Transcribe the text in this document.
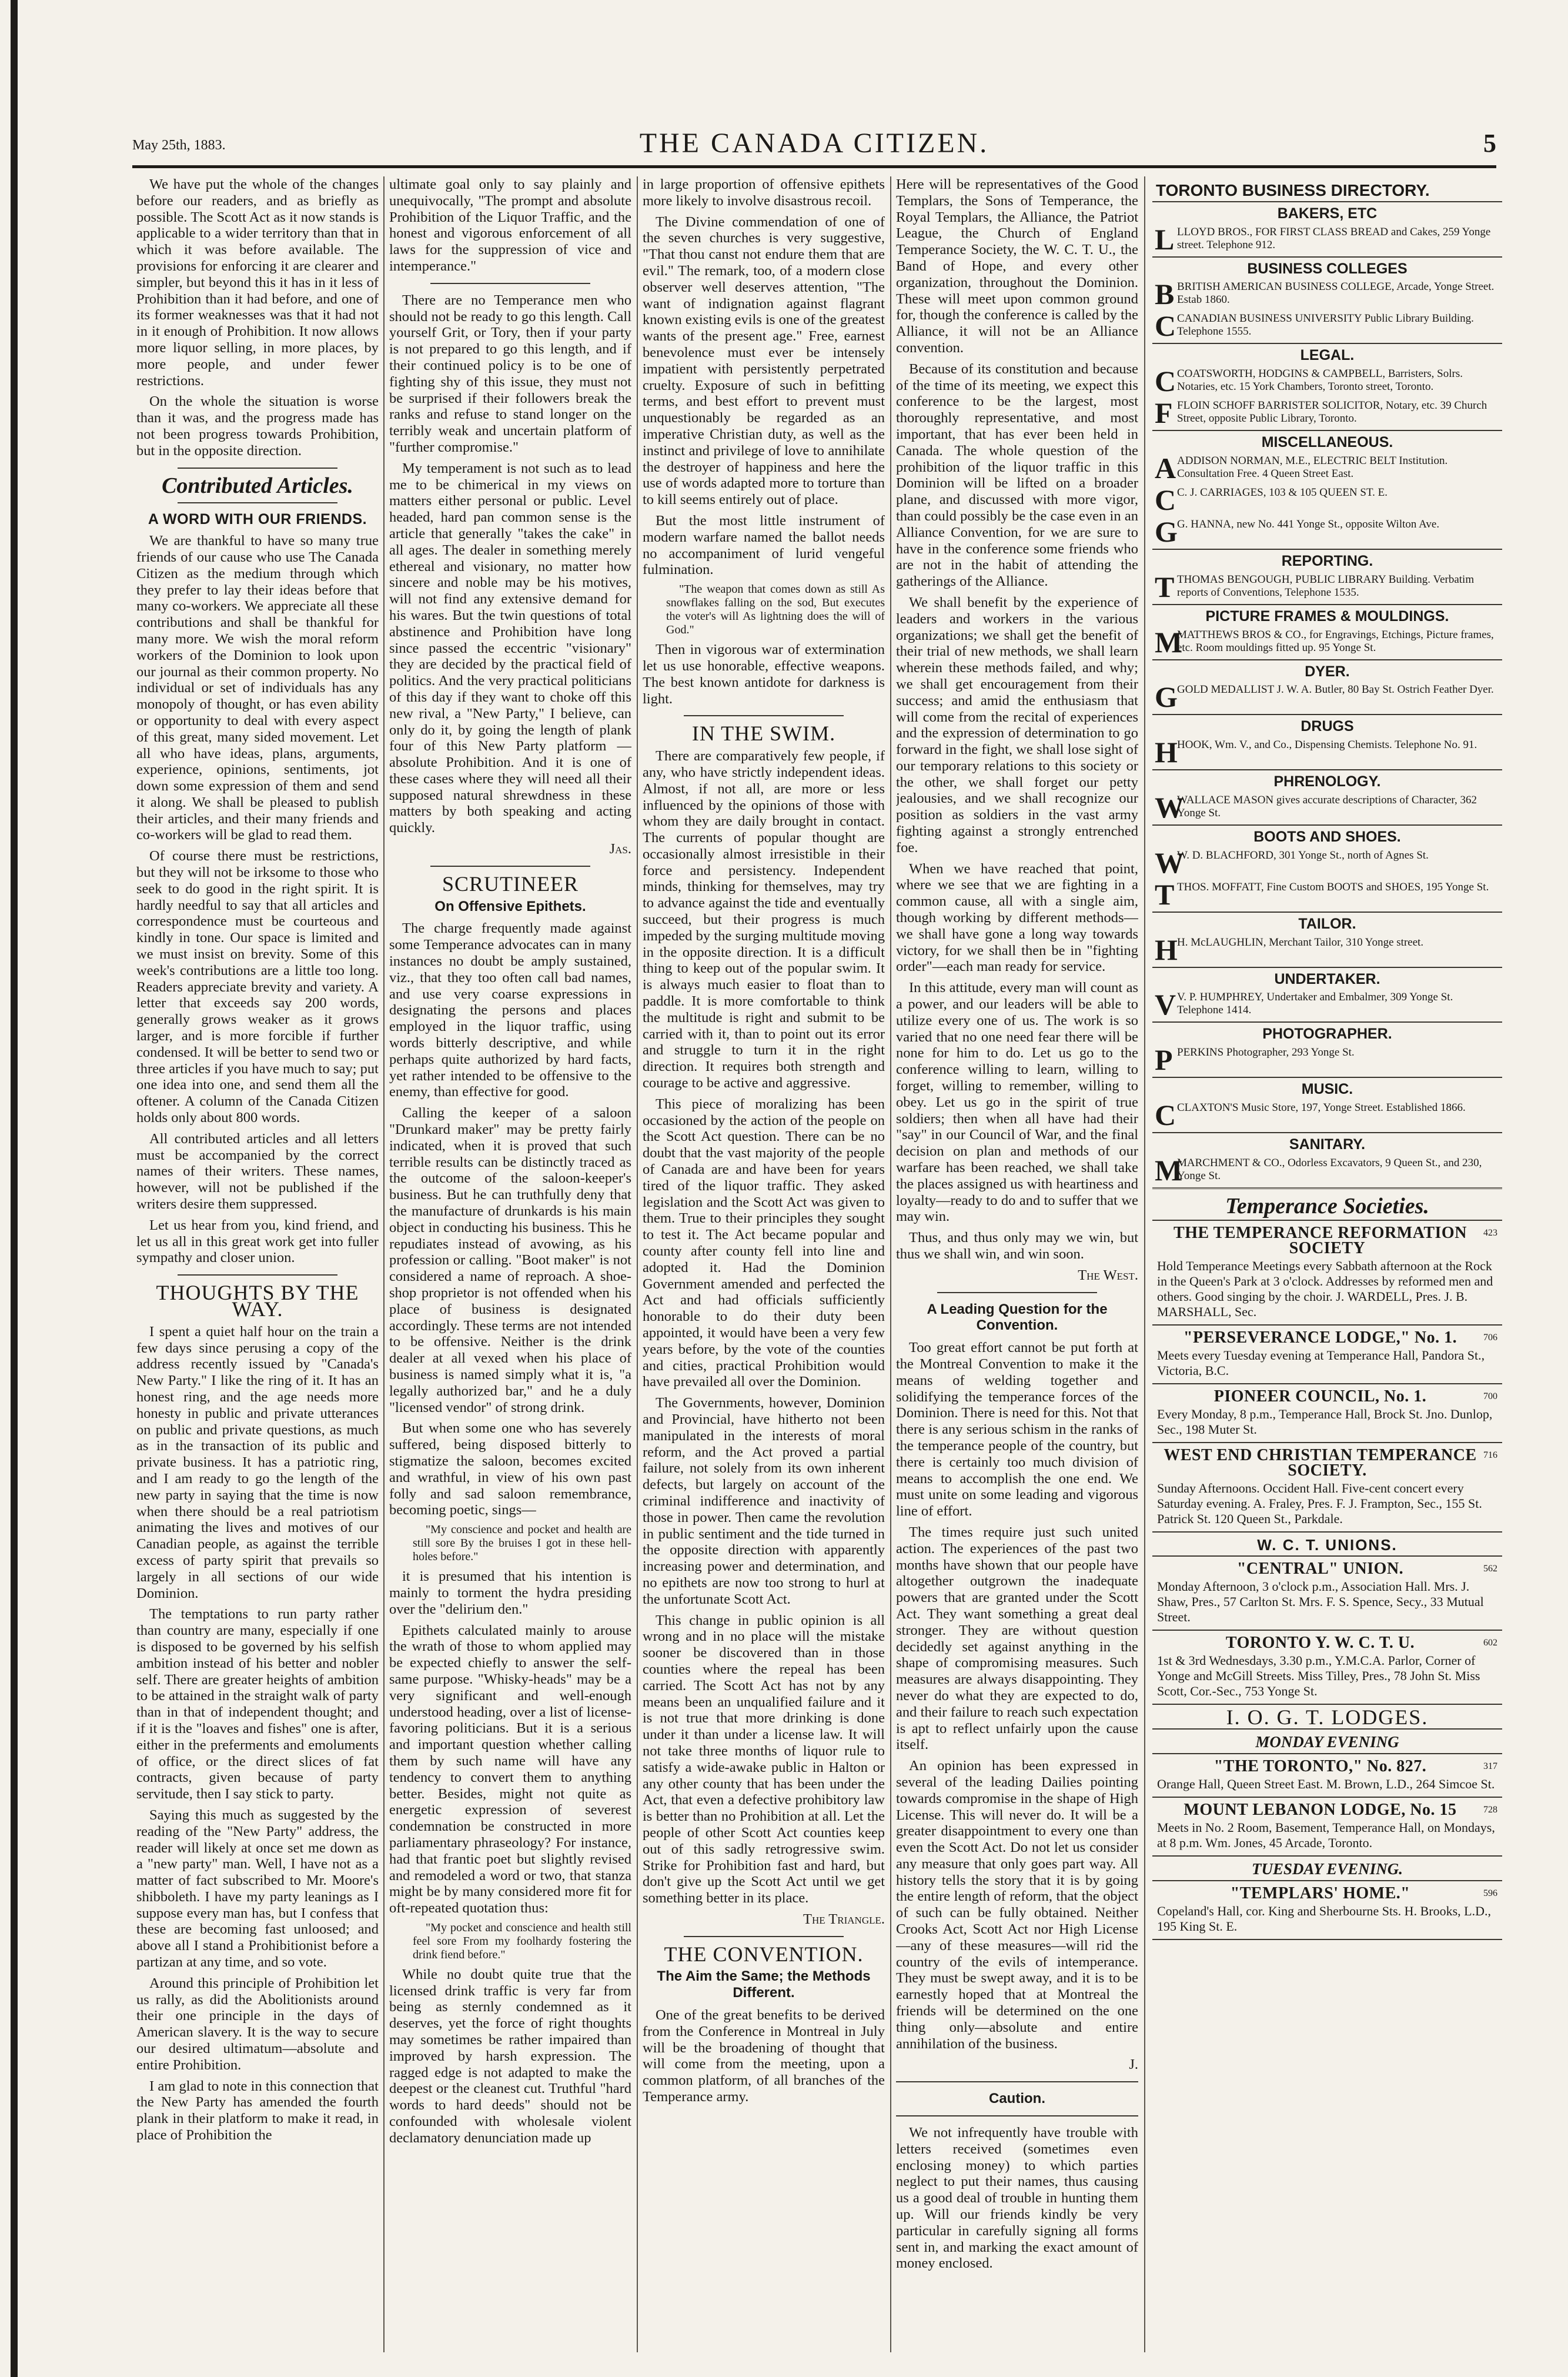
May 25th, 1883.	THE CANADA CITIZEN.	5

We have put the whole of the changes before our readers, and as briefly as possible. The Scott Act as it now stands is applicable to a wider territory than that in which it was before available. The provisions for enforcing it are clearer and simpler, but beyond this it has in it less of Prohibition than it had before, and one of its former weaknesses was that it had not in it enough of Prohibition. It now allows more liquor selling, in more places, by more people, and under fewer restrictions.

On the whole the situation is worse than it was, and the progress made has not been progress towards Prohibition, but in the opposite direction.

Contributed Articles.
A WORD WITH OUR FRIENDS.

We are thankful to have so many true friends of our cause who use The Canada Citizen as the medium through which they prefer to lay their ideas before that many co-workers. We appreciate all these contributions and shall be thankful for many more. We wish the moral reform workers of the Dominion to look upon our journal as their common property. No individual or set of individuals has any monopoly of thought, or has even ability or opportunity to deal with every aspect of this great, many sided movement. Let all who have ideas, plans, arguments, experience, opinions, sentiments, jot down some expression of them and send it along. We shall be pleased to publish their articles, and their many friends and co-workers will be glad to read them.

Of course there must be restrictions, but they will not be irksome to those who seek to do good in the right spirit. It is hardly needful to say that all articles and correspondence must be courteous and kindly in tone. Our space is limited and we must insist on brevity. Some of this week's contributions are a little too long. Readers appreciate brevity and variety. A letter that exceeds say 200 words, generally grows weaker as it grows larger, and is more forcible if further condensed. It will be better to send two or three articles if you have much to say; put one idea into one, and send them all the oftener. A column of the Canada Citizen holds only about 800 words.

All contributed articles and all letters must be accompanied by the correct names of their writers. These names, however, will not be published if the writers desire them suppressed.

Let us hear from you, kind friend, and let us all in this great work get into fuller sympathy and closer union.

THOUGHTS BY THE WAY.

I spent a quiet half hour on the train a few days since perusing a copy of the address recently issued by "Canada's New Party." I like the ring of it. It has an honest ring, and the age needs more honesty in public and private utterances on public and private questions, as much as in the transaction of its public and private business. It has a patriotic ring, and I am ready to go the length of the new party in saying that the time is now when there should be a real patriotism animating the lives and motives of our Canadian people, as against the terrible excess of party spirit that prevails so largely in all sections of our wide Dominion.

The temptations to run party rather than country are many, especially if one is disposed to be governed by his selfish ambition instead of his better and nobler self. There are greater heights of ambition to be attained in the straight walk of party than in that of independent thought; and if it is the "loaves and fishes" one is after, either in the preferments and emoluments of office, or the direct slices of fat contracts, given because of party servitude, then I say stick to party.

Saying this much as suggested by the reading of the "New Party" address, the reader will likely at once set me down as a "new party" man. Well, I have not as a matter of fact subscribed to Mr. Moore's shibboleth. I have my party leanings as I suppose every man has, but I confess that these are becoming fast unloosed; and above all I stand a Prohibitionist before a partizan at any time, and so vote.

Around this principle of Prohibition let us rally, as did the Abolitionists around their one principle in the days of American slavery. It is the way to secure our desired ultimatum—absolute and entire Prohibition.

I am glad to note in this connection that the New Party has amended the fourth plank in their platform to make it read, in place of Prohibition the

ultimate goal only to say plainly and unequivocally, "The prompt and absolute Prohibition of the Liquor Traffic, and the honest and vigorous enforcement of all laws for the suppression of vice and intemperance."

There are no Temperance men who should not be ready to go this length. Call yourself Grit, or Tory, then if your party is not prepared to go this length, and if their continued policy is to be one of fighting shy of this issue, they must not be surprised if their followers break the ranks and refuse to stand longer on the terribly weak and uncertain platform of "further compromise."

My temperament is not such as to lead me to be chimerical in my views on matters either personal or public. Level headed, hard pan common sense is the article that generally "takes the cake" in all ages. The dealer in something merely ethereal and visionary, no matter how sincere and noble may be his motives, will not find any extensive demand for his wares. But the twin questions of total abstinence and Prohibition have long since passed the eccentric "visionary" they are decided by the practical field of politics. And the very practical politicians of this day if they want to choke off this new rival, a "New Party," I believe, can only do it, by going the length of plank four of this New Party platform — absolute Prohibition. And it is one of these cases where they will need all their supposed natural shrewdness in these matters by both speaking and acting quickly.

Jas.
SCRUTINEER
On Offensive Epithets.

The charge frequently made against some Temperance advocates can in many instances no doubt be amply sustained, viz., that they too often call bad names, and use very coarse expressions in designating the persons and places employed in the liquor traffic, using words bitterly descriptive, and while perhaps quite authorized by hard facts, yet rather intended to be offensive to the enemy, than effective for good.

Calling the keeper of a saloon "Drunkard maker" may be pretty fairly indicated, when it is proved that such terrible results can be distinctly traced as the outcome of the saloon-keeper's business. But he can truthfully deny that the manufacture of drunkards is his main object in conducting his business. This he repudiates instead of avowing, as his profession or calling. "Boot maker" is not considered a name of reproach. A shoe-shop proprietor is not offended when his place of business is designated accordingly. These terms are not intended to be offensive. Neither is the drink dealer at all vexed when his place of business is named simply what it is, "a legally authorized bar," and he a duly "licensed vendor" of strong drink.

But when some one who has severely suffered, being disposed bitterly to stigmatize the saloon, becomes excited and wrathful, in view of his own past folly and sad saloon remembrance, becoming poetic, sings—

"My conscience and pocket and health are still sore By the bruises I got in these hell-holes before."

it is presumed that his intention is mainly to torment the hydra presiding over the "delirium den."

Epithets calculated mainly to arouse the wrath of those to whom applied may be expected chiefly to answer the self-same purpose. "Whisky-heads" may be a very significant and well-enough understood heading, over a list of license-favoring politicians. But it is a serious and important question whether calling them by such name will have any tendency to convert them to anything better. Besides, might not quite as energetic expression of severest condemnation be constructed in more parliamentary phraseology? For instance, had that frantic poet but slightly revised and remodeled a word or two, that stanza might be by many considered more fit for oft-repeated quotation thus:

"My pocket and conscience and health still feel sore From my foolhardy fostering the drink fiend before."

While no doubt quite true that the licensed drink traffic is very far from being as sternly condemned as it deserves, yet the force of right thoughts may sometimes be rather impaired than improved by harsh expression. The ragged edge is not adapted to make the deepest or the cleanest cut. Truthful "hard words to hard deeds" should not be confounded with wholesale violent declamatory denunciation made up

in large proportion of offensive epithets more likely to involve disastrous recoil.

The Divine commendation of one of the seven churches is very suggestive, "That thou canst not endure them that are evil." The remark, too, of a modern close observer well deserves attention, "The want of indignation against flagrant known existing evils is one of the greatest wants of the present age." Free, earnest benevolence must ever be intensely impatient with persistently perpetrated cruelty. Exposure of such in befitting terms, and best effort to prevent must unquestionably be regarded as an imperative Christian duty, as well as the instinct and privilege of love to annihilate the destroyer of happiness and here the use of words adapted more to torture than to kill seems entirely out of place.

But the most little instrument of modern warfare named the ballot needs no accompaniment of lurid vengeful fulmination.

"The weapon that comes down as still As snowflakes falling on the sod, But executes the voter's will As lightning does the will of God."

Then in vigorous war of extermination let us use honorable, effective weapons. The best known antidote for darkness is light.

IN THE SWIM.

There are comparatively few people, if any, who have strictly independent ideas. Almost, if not all, are more or less influenced by the opinions of those with whom they are daily brought in contact. The currents of popular thought are occasionally almost irresistible in their force and persistency. Independent minds, thinking for themselves, may try to advance against the tide and eventually succeed, but their progress is much impeded by the surging multitude moving in the opposite direction. It is a difficult thing to keep out of the popular swim. It is always much easier to float than to paddle. It is more comfortable to think the multitude is right and submit to be carried with it, than to point out its error and struggle to turn it in the right direction. It requires both strength and courage to be active and aggressive.

This piece of moralizing has been occasioned by the action of the people on the Scott Act question. There can be no doubt that the vast majority of the people of Canada are and have been for years tired of the liquor traffic. They asked legislation and the Scott Act was given to them. True to their principles they sought to test it. The Act became popular and county after county fell into line and adopted it. Had the Dominion Government amended and perfected the Act and had officials sufficiently honorable to do their duty been appointed, it would have been a very few years before, by the vote of the counties and cities, practical Prohibition would have prevailed all over the Dominion.

The Governments, however, Dominion and Provincial, have hitherto not been manipulated in the interests of moral reform, and the Act proved a partial failure, not solely from its own inherent defects, but largely on account of the criminal indifference and inactivity of those in power. Then came the revolution in public sentiment and the tide turned in the opposite direction with apparently increasing power and determination, and no epithets are now too strong to hurl at the unfortunate Scott Act.

This change in public opinion is all wrong and in no place will the mistake sooner be discovered than in those counties where the repeal has been carried. The Scott Act has not by any means been an unqualified failure and it is not true that more drinking is done under it than under a license law. It will not take three months of liquor rule to satisfy a wide-awake public in Halton or any other county that has been under the Act, that even a defective prohibitory law is better than no Prohibition at all. Let the people of other Scott Act counties keep out of this sadly retrogressive swim. Strike for Prohibition fast and hard, but don't give up the Scott Act until we get something better in its place.

The Triangle.
THE CONVENTION.
The Aim the Same; the Methods Different.

One of the great benefits to be derived from the Conference in Montreal in July will be the broadening of thought that will come from the meeting, upon a common platform, of all branches of the Temperance army.

Here will be representatives of the Good Templars, the Sons of Temperance, the Royal Templars, the Alliance, the Patriot League, the Church of England Temperance Society, the W. C. T. U., the Band of Hope, and every other organization, throughout the Dominion. These will meet upon common ground for, though the conference is called by the Alliance, it will not be an Alliance convention.

Because of its constitution and because of the time of its meeting, we expect this conference to be the largest, most thoroughly representative, and most important, that has ever been held in Canada. The whole question of the prohibition of the liquor traffic in this Dominion will be lifted on a broader plane, and discussed with more vigor, than could possibly be the case even in an Alliance Convention, for we are sure to have in the conference some friends who are not in the habit of attending the gatherings of the Alliance.

We shall benefit by the experience of leaders and workers in the various organizations; we shall get the benefit of their trial of new methods, we shall learn wherein these methods failed, and why; we shall get encouragement from their success; and amid the enthusiasm that will come from the recital of experiences and the expression of determination to go forward in the fight, we shall lose sight of our temporary relations to this society or the other, we shall forget our petty jealousies, and we shall recognize our position as soldiers in the vast army fighting against a strongly entrenched foe.

When we have reached that point, where we see that we are fighting in a common cause, all with a single aim, though working by different methods—we shall have gone a long way towards victory, for we shall then be in "fighting order"—each man ready for service.

In this attitude, every man will count as a power, and our leaders will be able to utilize every one of us. The work is so varied that no one need fear there will be none for him to do. Let us go to the conference willing to learn, willing to forget, willing to remember, willing to obey. Let us go in the spirit of true soldiers; then when all have had their "say" in our Council of War, and the final decision on plan and methods of our warfare has been reached, we shall take the places assigned us with heartiness and loyalty—ready to do and to suffer that we may win.

Thus, and thus only may we win, but thus we shall win, and win soon.

The West.
A Leading Question for the Convention.

Too great effort cannot be put forth at the Montreal Convention to make it the means of welding together and solidifying the temperance forces of the Dominion. There is need for this. Not that there is any serious schism in the ranks of the temperance people of the country, but there is certainly too much division of means to accomplish the one end. We must unite on some leading and vigorous line of effort.

The times require just such united action. The experiences of the past two months have shown that our people have altogether outgrown the inadequate powers that are granted under the Scott Act. They want something a great deal stronger. They are without question decidedly set against anything in the shape of compromising measures. Such measures are always disappointing. They never do what they are expected to do, and their failure to reach such expectation is apt to reflect unfairly upon the cause itself.

An opinion has been expressed in several of the leading Dailies pointing towards compromise in the shape of High License. This will never do. It will be a greater disappointment to every one than even the Scott Act. Do not let us consider any measure that only goes part way. All history tells the story that it is by going the entire length of reform, that the object of such can be fully obtained. Neither Crooks Act, Scott Act nor High License—any of these measures—will rid the country of the evils of intemperance. They must be swept away, and it is to be earnestly hoped that at Montreal the friends will be determined on the one thing only—absolute and entire annihilation of the business.

J.
Caution.

We not infrequently have trouble with letters received (sometimes even enclosing money) to which parties neglect to put their names, thus causing us a good deal of trouble in hunting them up. Will our friends kindly be very particular in carefully signing all forms sent in, and marking the exact amount of money enclosed.

TORONTO BUSINESS DIRECTORY.
BAKERS, ETC
L LLOYD BROS., FOR FIRST CLASS BREAD and Cakes, 259 Yonge street. Telephone 912.
BUSINESS COLLEGES
B BRITISH AMERICAN BUSINESS COLLEGE, Arcade, Yonge Street. Estab 1860.
C CANADIAN BUSINESS UNIVERSITY Public Library Building. Telephone 1555.
LEGAL.
C COATSWORTH, HODGINS & CAMPBELL, Barristers, Solrs. Notaries, etc. 15 York Chambers, Toronto street, Toronto.
F FLOIN SCHOFF BARRISTER SOLICITOR, Notary, etc. 39 Church Street, opposite Public Library, Toronto.
MISCELLANEOUS.
A ADDISON NORMAN, M.E., ELECTRIC BELT Institution. Consultation Free. 4 Queen Street East.
C C. J. CARRIAGES, 103 & 105 QUEEN ST. E.
G G. HANNA, new No. 441 Yonge St., opposite Wilton Ave.
REPORTING.
T THOMAS BENGOUGH, PUBLIC LIBRARY Building. Verbatim reports of Conventions, Telephone 1535.
PICTURE FRAMES & MOULDINGS.
M
MATTHEWS BROS & CO., for Engravings, Etchings, Picture frames, etc. Room mouldings fitted up. 95 Yonge St.
DYER.
G GOLD MEDALLIST J. W. A. Butler, 80 Bay St. Ostrich Feather Dyer.
DRUGS
H HOOK, Wm. V., and Co., Dispensing Chemists. Telephone No. 91.
PHRENOLOGY.
W
WALLACE MASON gives accurate descriptions of Character, 362 Yonge St.
BOOTS AND SHOES.
W
W. D. BLACHFORD, 301 Yonge St., north of Agnes St.
T THOS. MOFFATT, Fine Custom BOOTS and SHOES, 195 Yonge St.
TAILOR.
H H. McLAUGHLIN, Merchant Tailor, 310 Yonge street.
UNDERTAKER.
V V. P. HUMPHREY, Undertaker and Embalmer, 309 Yonge St. Telephone 1414.
PHOTOGRAPHER.
P PERKINS Photographer, 293 Yonge St.
MUSIC.
C CLAXTON'S Music Store, 197, Yonge Street. Established 1866.
SANITARY.
M
MARCHMENT & CO., Odorless Excavators, 9 Queen St., and 230, Yonge St.
Temperance Societies.
423
THE TEMPERANCE REFORMATION SOCIETY
Hold Temperance Meetings every Sabbath afternoon at the Rock in the Queen's Park at 3 o'clock. Addresses by reformed men and others. Good singing by the choir. J. WARDELL, Pres. J. B. MARSHALL, Sec.
706
"PERSEVERANCE LODGE," No. 1.
Meets every Tuesday evening at Temperance Hall, Pandora St., Victoria, B.C.
700
PIONEER COUNCIL, No. 1.
Every Monday, 8 p.m., Temperance Hall, Brock St. Jno. Dunlop, Sec., 198 Muter St.
716
WEST END CHRISTIAN TEMPERANCE SOCIETY.
Sunday Afternoons. Occident Hall. Five-cent concert every Saturday evening. A. Fraley, Pres. F. J. Frampton, Sec., 155 St. Patrick St. 120 Queen St., Parkdale.
W. C. T. UNIONS.
562
"CENTRAL" UNION.
Monday Afternoon, 3 o'clock p.m., Association Hall. Mrs. J. Shaw, Pres., 57 Carlton St. Mrs. F. S. Spence, Secy., 33 Mutual Street.
602
TORONTO Y. W. C. T. U.
1st & 3rd Wednesdays, 3.30 p.m., Y.M.C.A. Parlor, Corner of Yonge and McGill Streets. Miss Tilley, Pres., 78 John St. Miss Scott, Cor.-Sec., 753 Yonge St.
I. O. G. T. LODGES.
MONDAY EVENING
317
"THE TORONTO," No. 827.
Orange Hall, Queen Street East. M. Brown, L.D., 264 Simcoe St.
728
MOUNT LEBANON LODGE, No. 15
Meets in No. 2 Room, Basement, Temperance Hall, on Mondays, at 8 p.m. Wm. Jones, 45 Arcade, Toronto.
TUESDAY EVENING.
596
"TEMPLARS' HOME."
Copeland's Hall, cor. King and Sherbourne Sts. H. Brooks, L.D., 195 King St. E.
